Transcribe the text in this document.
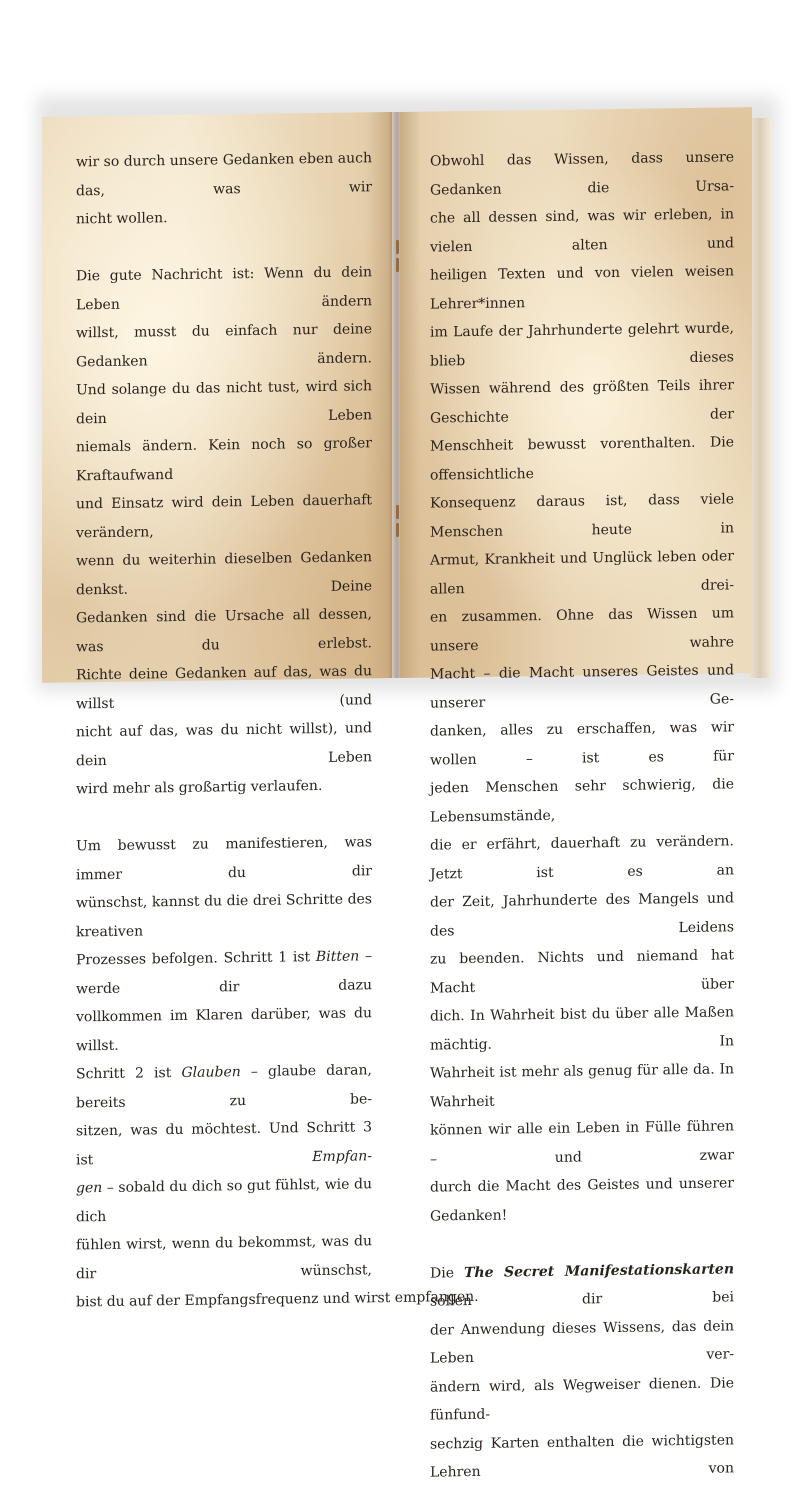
wir so durch unsere Gedanken eben auch das, was wir
nicht wollen.

Die gute Nachricht ist: Wenn du dein Leben ändern
willst, musst du einfach nur deine Gedanken ändern.
Und solange du das nicht tust, wird sich dein Leben
niemals ändern. Kein noch so großer Kraftaufwand
und Einsatz wird dein Leben dauerhaft verändern,
wenn du weiterhin dieselben Gedanken denkst. Deine
Gedanken sind die Ursache all dessen, was du erlebst.
Richte deine Gedanken auf das, was du willst (und
nicht auf das, was du nicht willst), und dein Leben
wird mehr als großartig verlaufen.

Um bewusst zu manifestieren, was immer du dir
wünschst, kannst du die drei Schritte des kreativen
Prozesses befolgen. Schritt 1 ist Bitten – werde dir dazu
vollkommen im Klaren darüber, was du willst.
Schritt 2 ist Glauben – glaube daran, bereits zu be-
sitzen, was du möchtest. Und Schritt 3 ist Empfan-
gen – sobald du dich so gut fühlst, wie du dich
fühlen wirst, wenn du bekommst, was du dir wünschst,
bist du auf der Empfangsfrequenz und wirst empfangen.

Obwohl das Wissen, dass unsere Gedanken die Ursa-
che all dessen sind, was wir erleben, in vielen alten und
heiligen Texten und von vielen weisen Lehrer*innen
im Laufe der Jahrhunderte gelehrt wurde, blieb dieses
Wissen während des größten Teils ihrer Geschichte der
Menschheit bewusst vorenthalten. Die offensichtliche
Konsequenz daraus ist, dass viele Menschen heute in
Armut, Krankheit und Unglück leben oder allen drei-
en zusammen. Ohne das Wissen um unsere wahre
Macht – die Macht unseres Geistes und unserer Ge-
danken, alles zu erschaffen, was wir wollen – ist es für
jeden Menschen sehr schwierig, die Lebensumstände,
die er erfährt, dauerhaft zu verändern. Jetzt ist es an
der Zeit, Jahrhunderte des Mangels und des Leidens
zu beenden. Nichts und niemand hat Macht über
dich. In Wahrheit bist du über alle Maßen mächtig. In
Wahrheit ist mehr als genug für alle da. In Wahrheit
können wir alle ein Leben in Fülle führen – und zwar
durch die Macht des Geistes und unserer Gedanken!

Die The Secret Manifestationskarten sollen dir bei
der Anwendung dieses Wissens, das dein Leben ver-
ändern wird, als Wegweiser dienen. Die fünfund-
sechzig Karten enthalten die wichtigsten Lehren von
